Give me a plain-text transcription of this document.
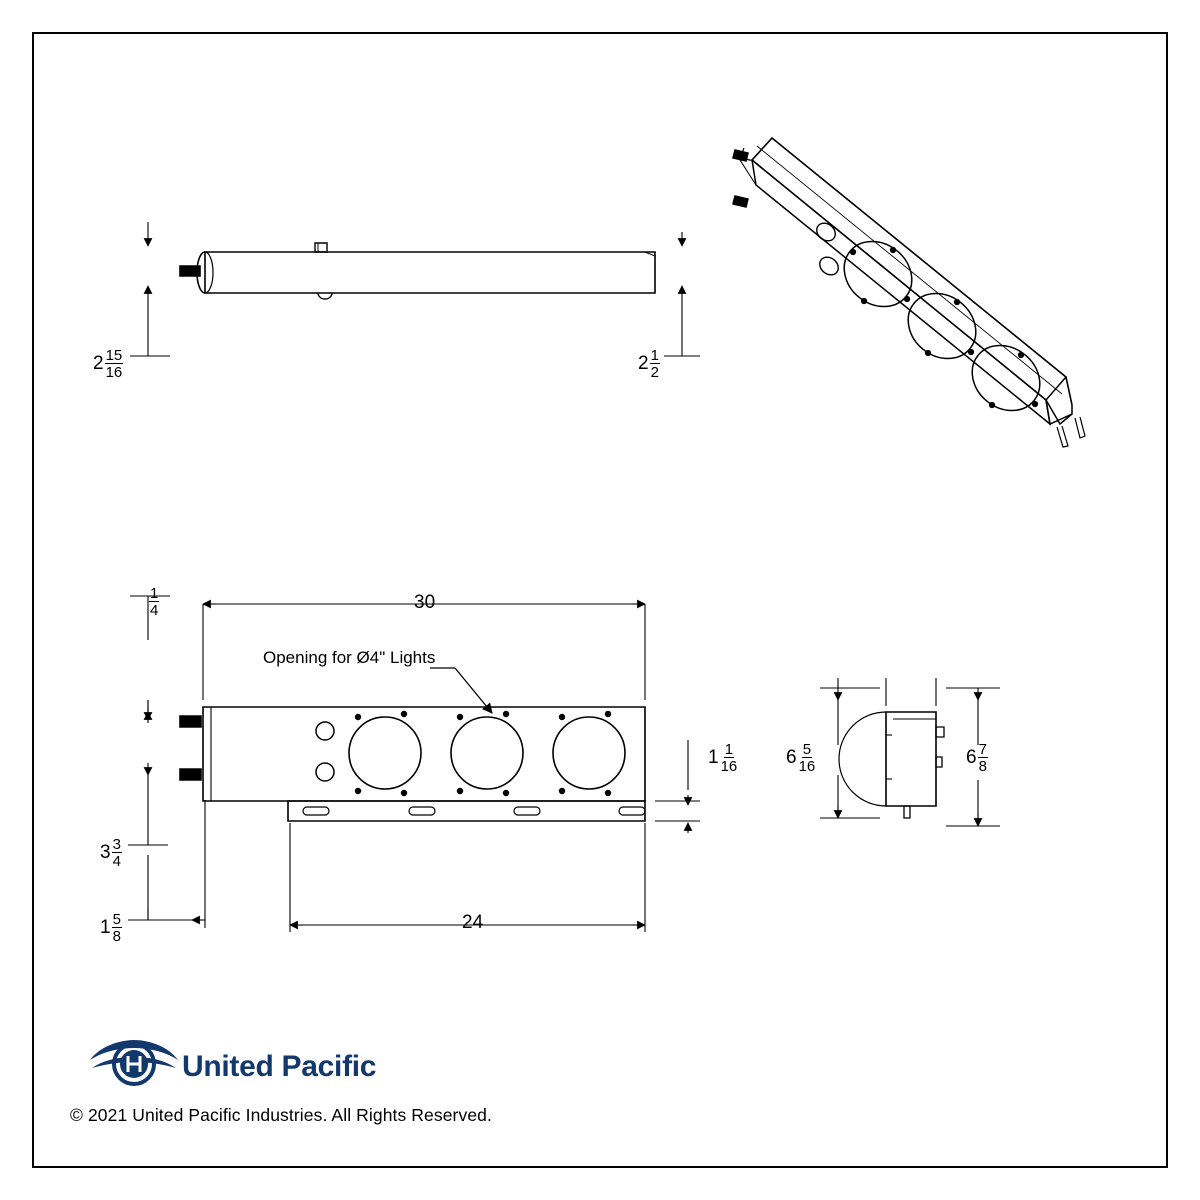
$2 \frac{15}{16}$	$2 \frac{1}{2}$
30
$\frac{1}{4}$
24
$3 \frac{3}{4}$
$1 \frac{5}{8}$
$1 \frac{1}{16}$	$6 \frac{5}{16}$	$6 \frac{7}{8}$
Opening for Ø4" Lights
United Pacific
© 2021 United Pacific Industries. All Rights Reserved.
